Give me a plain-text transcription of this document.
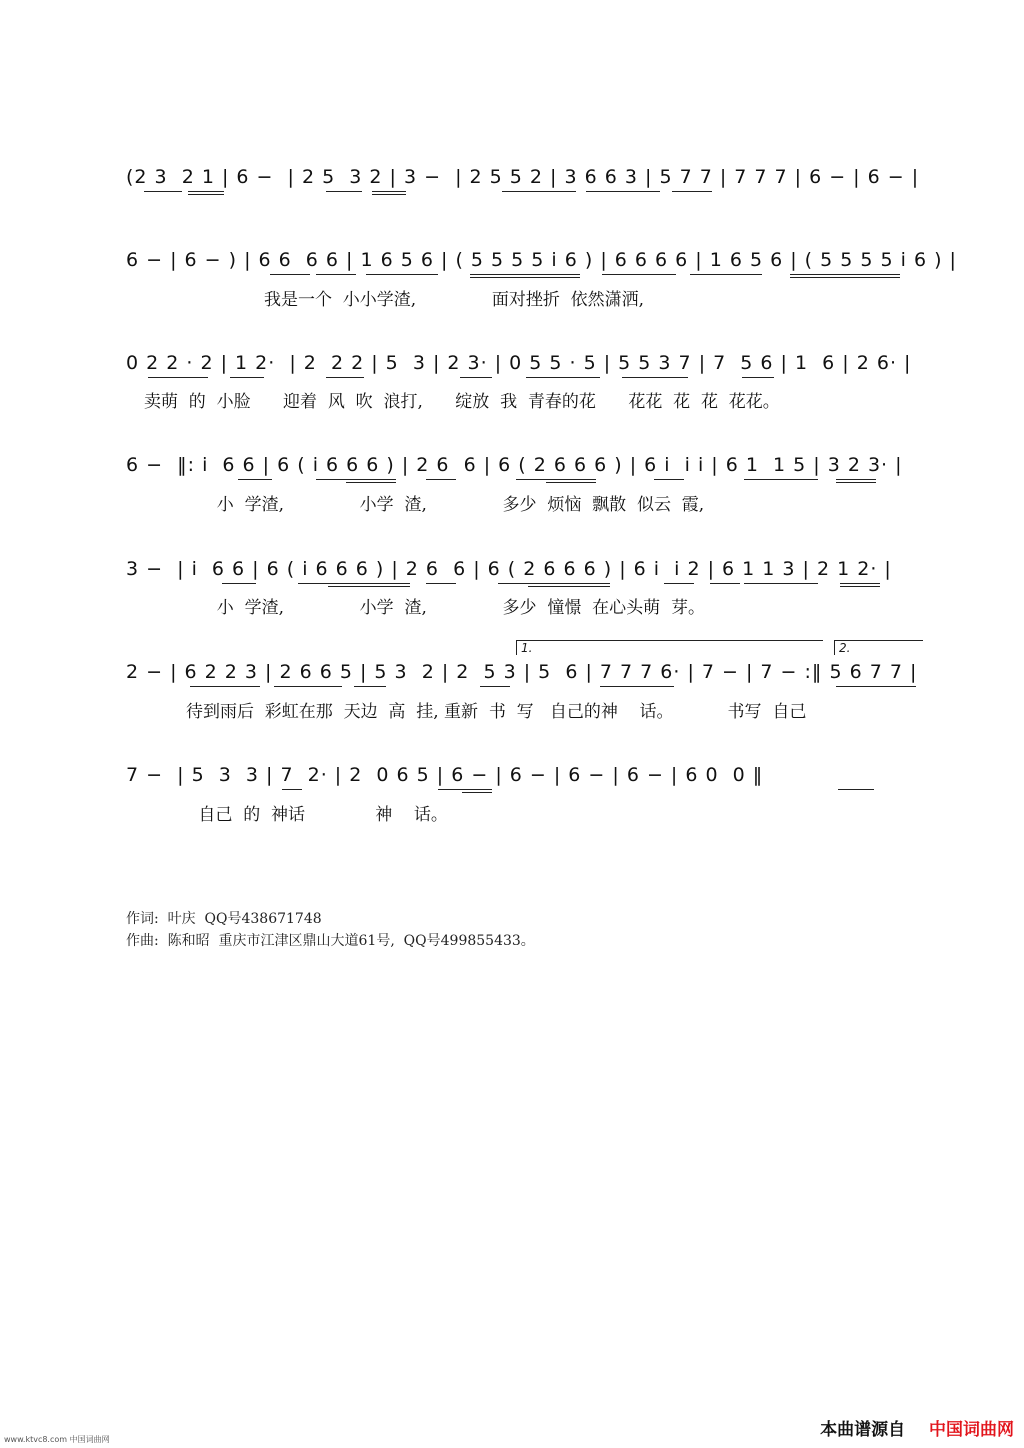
(2 3  2 1 | 6 −  | 2 5  3 2 | 3 −  | 2 5 5 2 | 3 6 6 3 | 5 7 7 | 7 7 7 | 6 − | 6 − |
6 − | 6 − ) | 6 6  6 6 | 1 6 5 6 | ( 5 5 5 5 i 6 ) | 6 6 6 6 | 1 6 5 6 | ( 5 5 5 5 i 6 ) |
我是一个  小小学渣,              面对挫折  依然潇洒,
0 2 2 · 2 | 1 2·  | 2  2 2 | 5  3 | 2 3· | 0 5 5 · 5 | 5 5 3 7 | 7  5 6 | 1  6 | 2 6· |
卖萌  的  小脸      迎着  风  吹  浪打,      绽放  我  青春的花      花花  花  花  花花。
6 −  ‖: i  6 6 | 6 ( i 6 6 6 ) | 2 6  6 | 6 ( 2 6 6 6 ) | 6 i  i i | 6 1  1 5 | 3 2 3· |
小  学渣,              小学  渣,              多少  烦恼  飘散  似云  霞,
3 −  | i  6 6 | 6 ( i 6 6 6 ) | 2 6  6 | 6 ( 2 6 6 6 ) | 6 i  i 2 | 6 1 1 3 | 2 1 2· |
小  学渣,              小学  渣,              多少  憧憬  在心头萌  芽。
2 − | 6 2 2 3 | 2 6 6 5 | 5 3  2 | 2  5 3 | 5  6 | 7 7 7 6· | 7 − | 7 − :‖ 5 6 7 7 |
1.	2.
待到雨后  彩虹在那  天边  高  挂, 重新  书  写   自己的神    话。          书写  自己
7 −  | 5  3  3 | 7  2· | 2  0 6 5 | 6 − | 6 − | 6 − | 6 − | 6 0  0 ‖
自己  的  神话             神    话。
作词:  叶庆  QQ号438671748
作曲:  陈和昭  重庆市江津区鼎山大道61号,  QQ号499855433。
www.ktvc8.com 中国词曲网	本曲谱源自 中国词曲网
